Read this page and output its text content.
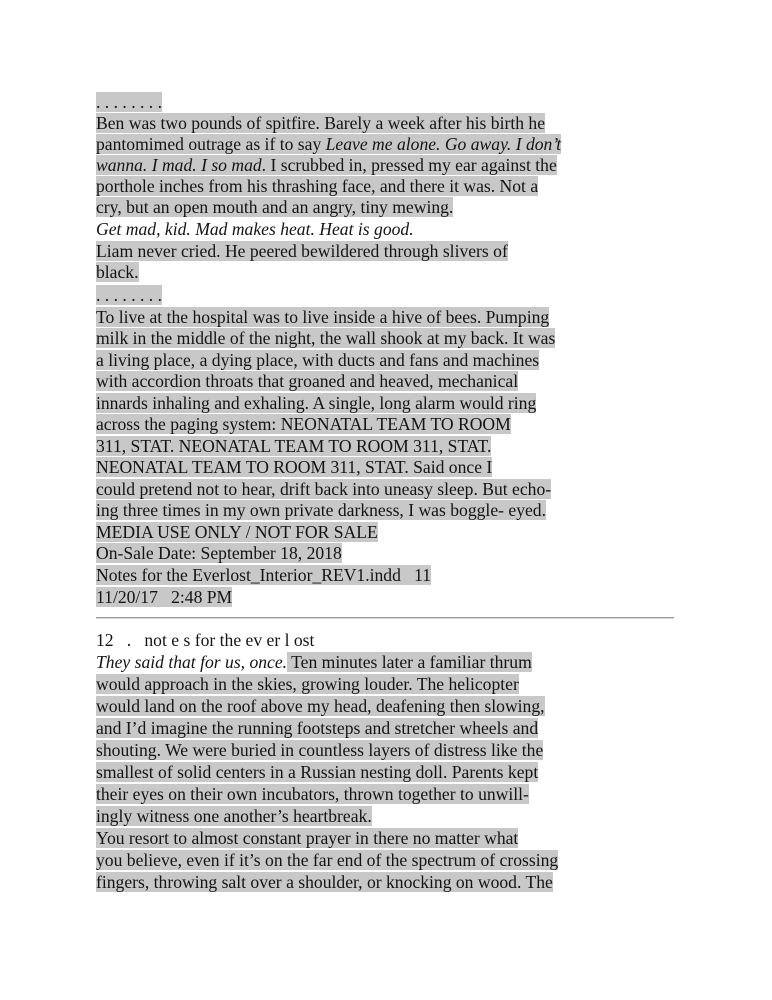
. . . . . . . .

Ben was two pounds of spitfire. Barely a week after his birth he

pantomimed outrage as if to say Leave me alone. Go away. I don’t

wanna. I mad. I so mad. I scrubbed in, pressed my ear against the

porthole inches from his thrashing face, and there it was. Not a

cry, but an open mouth and an angry, tiny mewing.

Get mad, kid. Mad makes heat. Heat is good.

Liam never cried. He peered bewildered through slivers of

black.

. . . . . . . .

To live at the hospital was to live inside a hive of bees. Pumping

milk in the middle of the night, the wall shook at my back. It was

a living place, a dying place, with ducts and fans and machines

with accordion throats that groaned and heaved, mechanical

innards inhaling and exhaling. A single, long alarm would ring

across the paging system: NEONATAL TEAM TO ROOM

311, STAT. NEONATAL TEAM TO ROOM 311, STAT.

NEONATAL TEAM TO ROOM 311, STAT. Said once I

could pretend not to hear, drift back into uneasy sleep. But echo-

ing three times in my own private darkness, I was boggle- eyed.

MEDIA USE ONLY / NOT FOR SALE

On-Sale Date: September 18, 2018

Notes for the Everlost_Interior_REV1.indd   11

11/20/17   2:48 PM

12   .   not e s for the ev er l ost

They said that for us, once. Ten minutes later a familiar thrum

would approach in the skies, growing louder. The helicopter

would land on the roof above my head, deafening then slowing,

and I’d imagine the running footsteps and stretcher wheels and

shouting. We were buried in countless layers of distress like the

smallest of solid centers in a Russian nesting doll. Parents kept

their eyes on their own incubators, thrown together to unwill-

ingly witness one another’s heartbreak.

You resort to almost constant prayer in there no matter what

you believe, even if it’s on the far end of the spectrum of crossing

fingers, throwing salt over a shoulder, or knocking on wood. The
